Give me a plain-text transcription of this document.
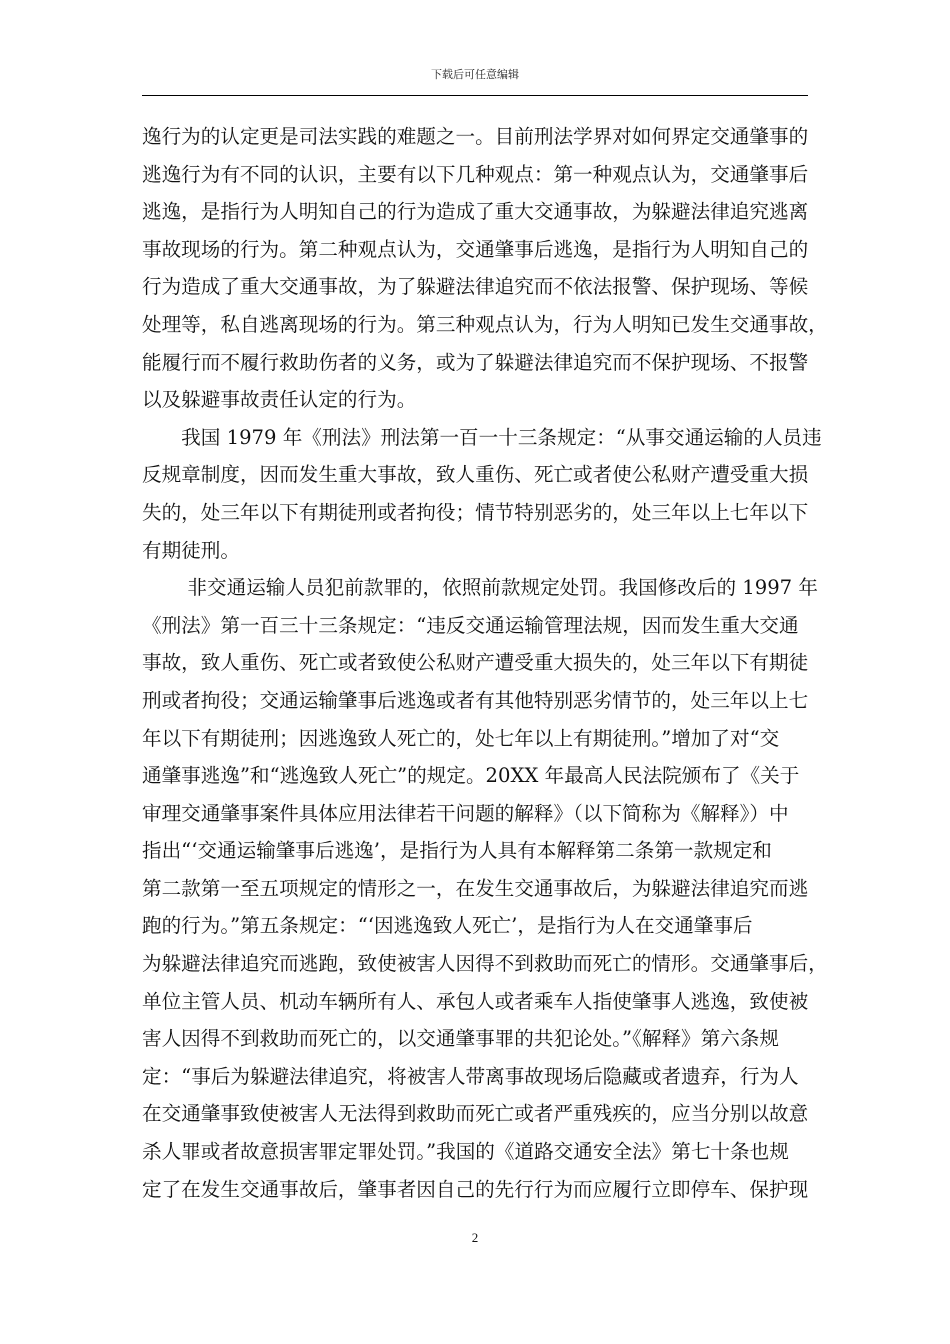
下载后可任意编辑

逸行为的认定更是司法实践的难题之一。目前刑法学界对如何界定交通肇事的
逃逸行为有不同的认识，主要有以下几种观点：第一种观点认为，交通肇事后
逃逸，是指行为人明知自己的行为造成了重大交通事故，为躲避法律追究逃离
事故现场的行为。第二种观点认为，交通肇事后逃逸，是指行为人明知自己的
行为造成了重大交通事故，为了躲避法律追究而不依法报警、保护现场、等候
处理等，私自逃离现场的行为。第三种观点认为，行为人明知已发生交通事故，
能履行而不履行救助伤者的义务，或为了躲避法律追究而不保护现场、不报警
以及躲避事故责任认定的行为。
　　我国 1979 年《刑法》刑法第一百一十三条规定：“从事交通运输的人员违
反规章制度，因而发生重大事故，致人重伤、死亡或者使公私财产遭受重大损
失的，处三年以下有期徒刑或者拘役；情节特别恶劣的，处三年以上七年以下
有期徒刑。
　　 非交通运输人员犯前款罪的，依照前款规定处罚。我国修改后的 1997 年
《刑法》第一百三十三条规定：“违反交通运输管理法规，因而发生重大交通
事故，致人重伤、死亡或者致使公私财产遭受重大损失的，处三年以下有期徒
刑或者拘役；交通运输肇事后逃逸或者有其他特别恶劣情节的，处三年以上七
年以下有期徒刑；因逃逸致人死亡的，处七年以上有期徒刑。”增加了对“交
通肇事逃逸”和“逃逸致人死亡”的规定。20XX 年最高人民法院颁布了《关于
审理交通肇事案件具体应用法律若干问题的解释》（以下简称为《解释》）中
指出“‘交通运输肇事后逃逸’，是指行为人具有本解释第二条第一款规定和
第二款第一至五项规定的情形之一，在发生交通事故后，为躲避法律追究而逃
跑的行为。”第五条规定：“‘因逃逸致人死亡’，是指行为人在交通肇事后
为躲避法律追究而逃跑，致使被害人因得不到救助而死亡的情形。交通肇事后，
单位主管人员、机动车辆所有人、承包人或者乘车人指使肇事人逃逸，致使被
害人因得不到救助而死亡的，以交通肇事罪的共犯论处。”《解释》第六条规
定：“事后为躲避法律追究，将被害人带离事故现场后隐藏或者遗弃，行为人
在交通肇事致使被害人无法得到救助而死亡或者严重残疾的，应当分别以故意
杀人罪或者故意损害罪定罪处罚。”我国的《道路交通安全法》第七十条也规
定了在发生交通事故后，肇事者因自己的先行行为而应履行立即停车、保护现

2
